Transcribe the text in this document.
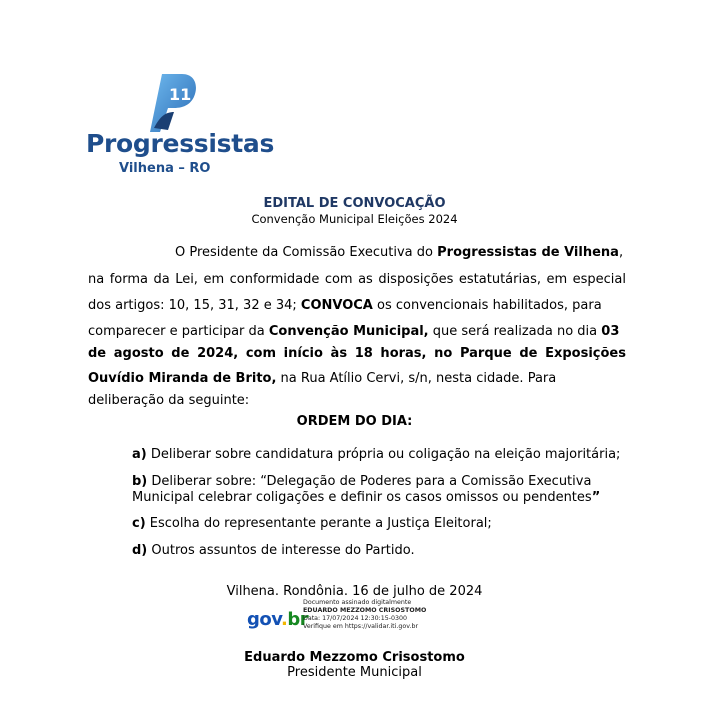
11
Progressistas
Vilhena – RO
EDITAL DE CONVOCAÇÃO
Convenção Municipal Eleições 2024
O Presidente da Comissão Executiva do Progressistas de Vilhena,
na forma da Lei, em conformidade com as disposições estatutárias, em especial
dos artigos: 10, 15, 31, 32 e 34; CONVOCA os convencionais habilitados, para
comparecer e participar da Convenção Municipal, que será realizada no dia 03
de agosto de 2024, com início às 18 horas, no Parque de Exposições
Ouvídio Miranda de Brito, na Rua Atílio Cervi, s/n, nesta cidade. Para
deliberação da seguinte:
ORDEM DO DIA:
a) Deliberar sobre candidatura própria ou coligação na eleição majoritária;
b) Deliberar sobre: “Delegação de Poderes para a Comissão Executiva
Municipal celebrar coligações e definir os casos omissos ou pendentes”
c) Escolha do representante perante a Justiça Eleitoral;
d) Outros assuntos de interesse do Partido.
Vilhena. Rondônia. 16 de julho de 2024
gov.br
Documento assinado digitalmente
EDUARDO MEZZOMO CRISOSTOMO
Data: 17/07/2024 12:30:15-0300
Verifique em https://validar.iti.gov.br
Eduardo Mezzomo Crisostomo
Presidente Municipal
